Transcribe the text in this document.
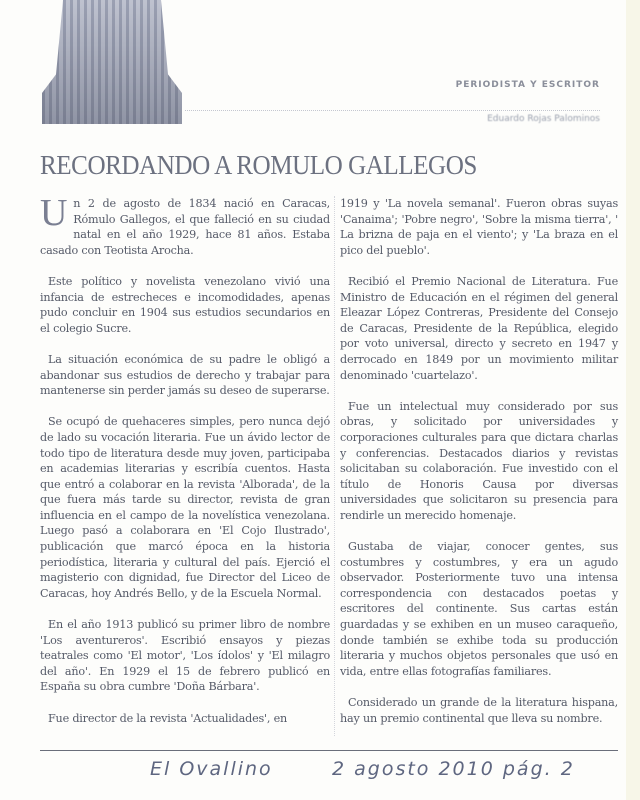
PERIODISTA Y ESCRITOR
Eduardo Rojas Palominos
RECORDANDO A ROMULO GALLEGOS

Un 2 de agosto de 1834 nació en Caracas, Rómulo Gallegos, el que falleció en su ciudad natal en el año 1929, hace 81 años. Estaba casado con Teotista Arocha.

Este político y novelista venezolano vivió una infancia de estrecheces e incomodidades, apenas pudo concluir en 1904 sus estudios secundarios en el colegio Sucre.

La situación económica de su padre le obligó a abandonar sus estudios de derecho y trabajar para mantenerse sin perder jamás su deseo de superarse.

Se ocupó de quehaceres simples, pero nunca dejó de lado su vocación literaria. Fue un ávido lector de todo tipo de literatura desde muy joven, participaba en academias literarias y escribía cuentos. Hasta que entró a colaborar en la revista 'Alborada', de la que fuera más tarde su director, revista de gran influencia en el campo de la novelística venezolana. Luego pasó a colaborara en 'El Cojo Ilustrado', publicación que marcó época en la historia periodística, literaria y cultural del país. Ejerció el magisterio con dignidad, fue Director del Liceo de Caracas, hoy Andrés Bello, y de la Escuela Normal.

En el año 1913 publicó su primer libro de nombre 'Los aventureros'. Escribió ensayos y piezas teatrales como 'El motor', 'Los ídolos' y 'El milagro del año'. En 1929 el 15 de febrero publicó en España su obra cumbre 'Doña Bárbara'.

Fue director de la revista 'Actualidades', en

1919 y 'La novela semanal'. Fueron obras suyas 'Canaima'; 'Pobre negro', 'Sobre la misma tierra', ' La brizna de paja en el viento'; y 'La braza en el pico del pueblo'.

Recibió el Premio Nacional de Literatura. Fue Ministro de Educación en el régimen del general Eleazar López Contreras, Presidente del Consejo de Caracas, Presidente de la República, elegido por voto universal, directo y secreto en 1947 y derrocado en 1849 por un movimiento militar denominado 'cuartelazo'.

Fue un intelectual muy considerado por sus obras, y solicitado por universidades y corporaciones culturales para que dictara charlas y conferencias. Destacados diarios y revistas solicitaban su colaboración. Fue investido con el título de Honoris Causa por diversas universidades que solicitaron su presencia para rendirle un merecido homenaje.

Gustaba de viajar, conocer gentes, sus costumbres y costumbres, y era un agudo observador. Posteriormente tuvo una intensa correspondencia con destacados poetas y escritores del continente. Sus cartas están guardadas y se exhiben en un museo caraqueño, donde también se exhibe toda su producción literaria y muchos objetos personales que usó en vida, entre ellas fotografías familiares.

Considerado un grande de la literatura hispana, hay un premio continental que lleva su nombre.

El Ovallino	2 agosto 2010 pág. 2
